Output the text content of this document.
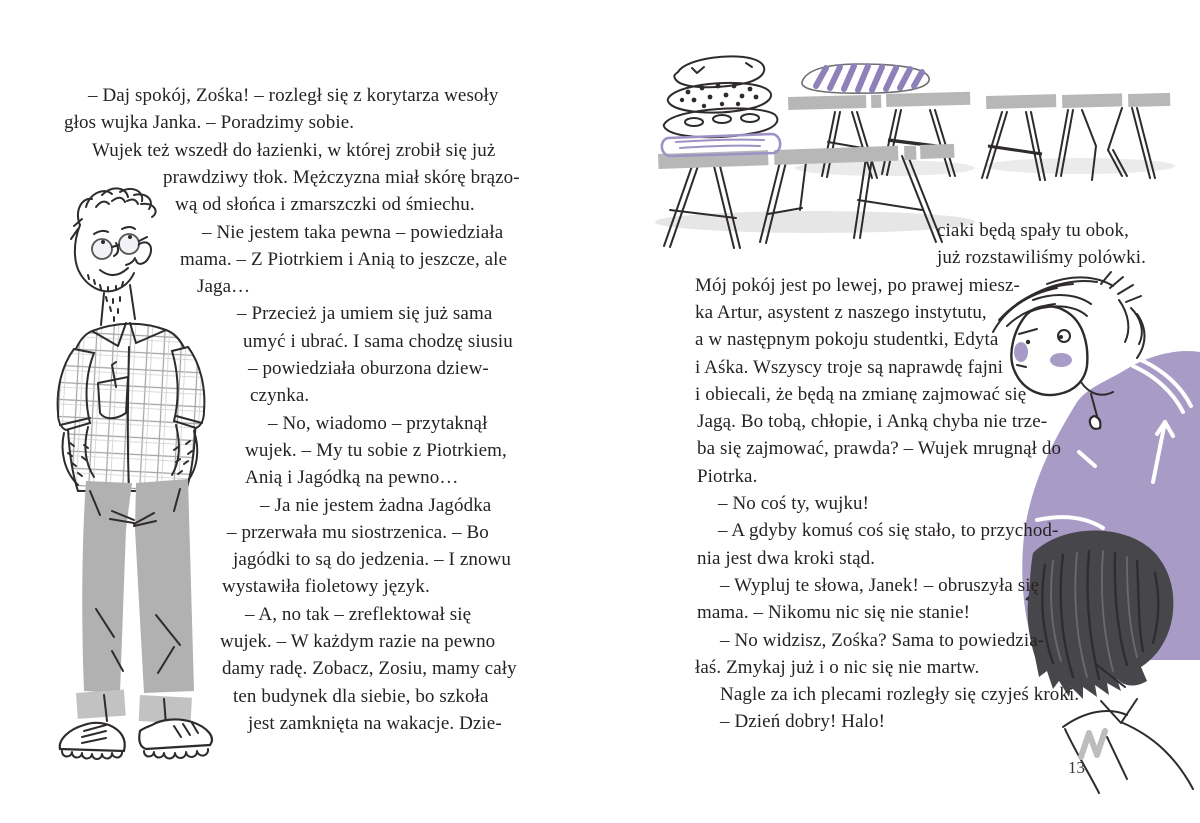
– Daj spokój, Zośka! – rozległ się z korytarza wesoły
głos wujka Janka. – Poradzimy sobie.
Wujek też wszedł do łazienki, w której zrobił się już
prawdziwy tłok. Mężczyzna miał skórę brązo-
wą od słońca i zmarszczki od śmiechu.
– Nie jestem taka pewna – powiedziała
mama. – Z Piotrkiem i Anią to jeszcze, ale
Jaga…
– Przecież ja umiem się już sama
umyć i ubrać. I sama chodzę siusiu
– powiedziała oburzona dziew-
czynka.
– No, wiadomo – przytaknął
wujek. – My tu sobie z Piotrkiem,
Anią i Jagódką na pewno…
– Ja nie jestem żadna Jagódka
– przerwała mu siostrzenica. – Bo
jagódki to są do jedzenia. – I znowu
wystawiła fioletowy język.
– A, no tak – zreflektował się
wujek. – W każdym razie na pewno
damy radę. Zobacz, Zosiu, mamy cały
ten budynek dla siebie, bo szkoła
jest zamknięta na wakacje. Dzie-
ciaki będą spały tu obok,
już rozstawiliśmy polówki.
Mój pokój jest po lewej, po prawej miesz-
ka Artur, asystent z naszego instytutu,
a w następnym pokoju studentki, Edyta
i Aśka. Wszyscy troje są naprawdę fajni
i obiecali, że będą na zmianę zajmować się
Jagą. Bo tobą, chłopie, i Anką chyba nie trze-
ba się zajmować, prawda? – Wujek mrugnął do
Piotrka.
– No coś ty, wujku!
– A gdyby komuś coś się stało, to przychod-
nia jest dwa kroki stąd.
– Wypluj te słowa, Janek! – obruszyła się
mama. – Nikomu nic się nie stanie!
– No widzisz, Zośka? Sama to powiedzia-
łaś. Zmykaj już i o nic się nie martw.
Nagle za ich plecami rozległy się czyjeś kroki.
– Dzień dobry! Halo!
13
